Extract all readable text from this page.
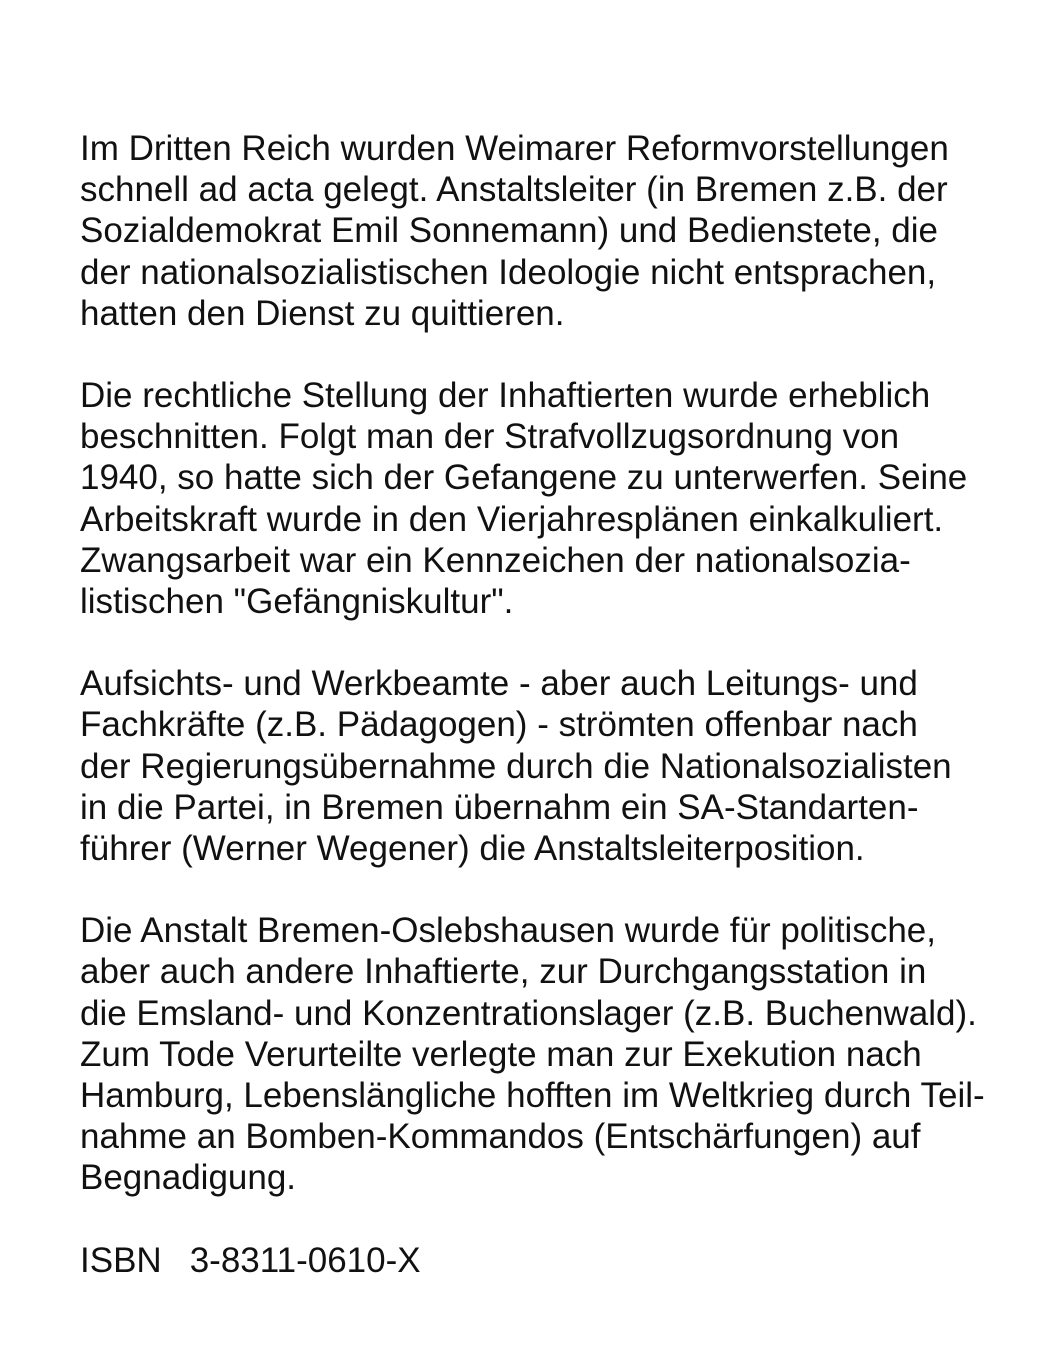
Im Dritten Reich wurden Weimarer Reformvorstellungen
schnell ad acta gelegt. Anstaltsleiter (in Bremen z.B. der
Sozialdemokrat Emil Sonnemann) und Bedienstete, die
der nationalsozialistischen Ideologie nicht entsprachen,
hatten den Dienst zu quittieren.
Die rechtliche Stellung der Inhaftierten wurde erheblich
beschnitten. Folgt man der Strafvollzugsordnung von
1940, so hatte sich der Gefangene zu unterwerfen. Seine
Arbeitskraft wurde in den Vierjahresplänen einkalkuliert.
Zwangsarbeit war ein Kennzeichen der nationalsozia-
listischen "Gefängniskultur".
Aufsichts- und Werkbeamte - aber auch Leitungs- und
Fachkräfte (z.B. Pädagogen) - strömten offenbar nach
der Regierungsübernahme durch die Nationalsozialisten
in die Partei, in Bremen übernahm ein SA-Standarten-
führer (Werner Wegener) die Anstaltsleiterposition.
Die Anstalt Bremen-Oslebshausen wurde für politische,
aber auch andere Inhaftierte, zur Durchgangsstation in
die Emsland- und Konzentrationslager (z.B. Buchenwald).
Zum Tode Verurteilte verlegte man zur Exekution nach
Hamburg, Lebenslängliche hofften im Weltkrieg durch Teil-
nahme an Bomben-Kommandos (Entschärfungen) auf
Begnadigung.
ISBN 3-8311-0610-X
